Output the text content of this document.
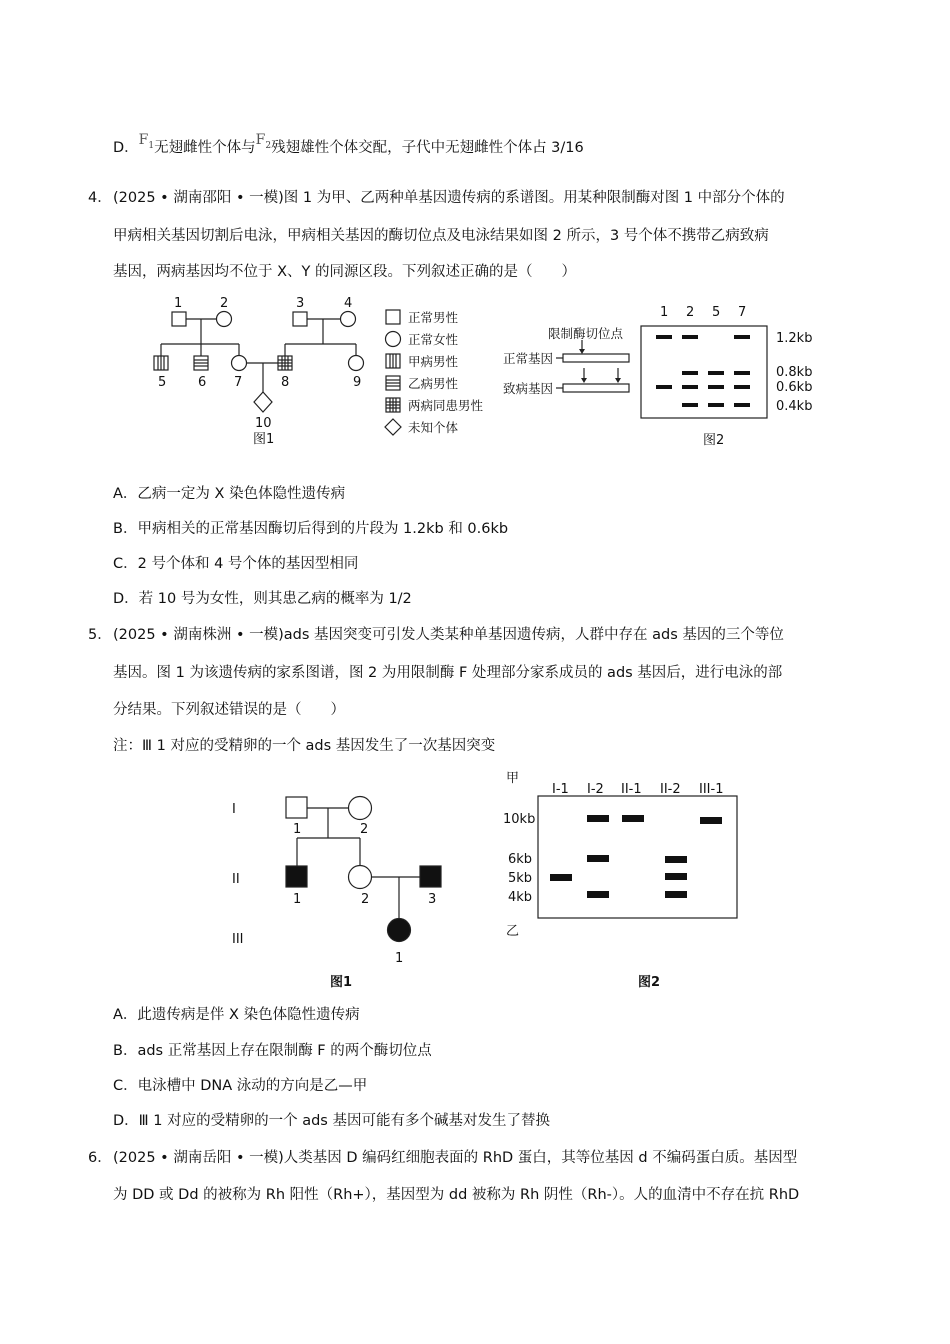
D．$F_1$无翅雌性个体与$F_2$残翅雄性个体交配，子代中无翅雌性个体占 3/16
4． (2025 • 湖南邵阳 • 一模)图 1 为甲、乙两种单基因遗传病的系谱图。用某种限制酶对图 1 中部分个体的
甲病相关基因切割后电泳，甲病相关基因的酶切位点及电泳结果如图 2 所示，3 号个体不携带乙病致病
基因，两病基因均不位于 X、Y 的同源区段。下列叙述正确的是（　　）
1	2	3	4
5 6 7	8	9
10
图1
正常男性
正常女性
甲病男性
乙病男性
两病同患男性
未知个体
限制酶切位点
正常基因
致病基因
1 2 5 7
1.2kb
0.8kb
0.6kb
0.4kb
图2
A．乙病一定为 X 染色体隐性遗传病
B．甲病相关的正常基因酶切后得到的片段为 1.2kb 和 0.6kb
C．2 号个体和 4 号个体的基因型相同
D．若 10 号为女性，则其患乙病的概率为 1/2
5． (2025 • 湖南株洲 • 一模)ads 基因突变可引发人类某种单基因遗传病，人群中存在 ads 基因的三个等位
基因。图 1 为该遗传病的家系图谱，图 2 为用限制酶 F 处理部分家系成员的 ads 基因后，进行电泳的部
分结果。下列叙述错误的是（　　）
注：Ⅲ 1 对应的受精卵的一个 ads 基因发生了一次基因突变
I
II
III
1	2
1	2	3
1
图1
甲
乙
I-1 I-2 II-1 II-2 III-1
10kb
6kb
5kb
4kb
图2
A．此遗传病是伴 X 染色体隐性遗传病
B．ads 正常基因上存在限制酶 F 的两个酶切位点
C．电泳槽中 DNA 泳动的方向是乙—甲
D．Ⅲ 1 对应的受精卵的一个 ads 基因可能有多个碱基对发生了替换
6． (2025 • 湖南岳阳 • 一模)人类基因 D 编码红细胞表面的 RhD 蛋白，其等位基因 d 不编码蛋白质。基因型
为 DD 或 Dd 的被称为 Rh 阳性（Rh+），基因型为 dd 被称为 Rh 阴性（Rh-）。人的血清中不存在抗 RhD
